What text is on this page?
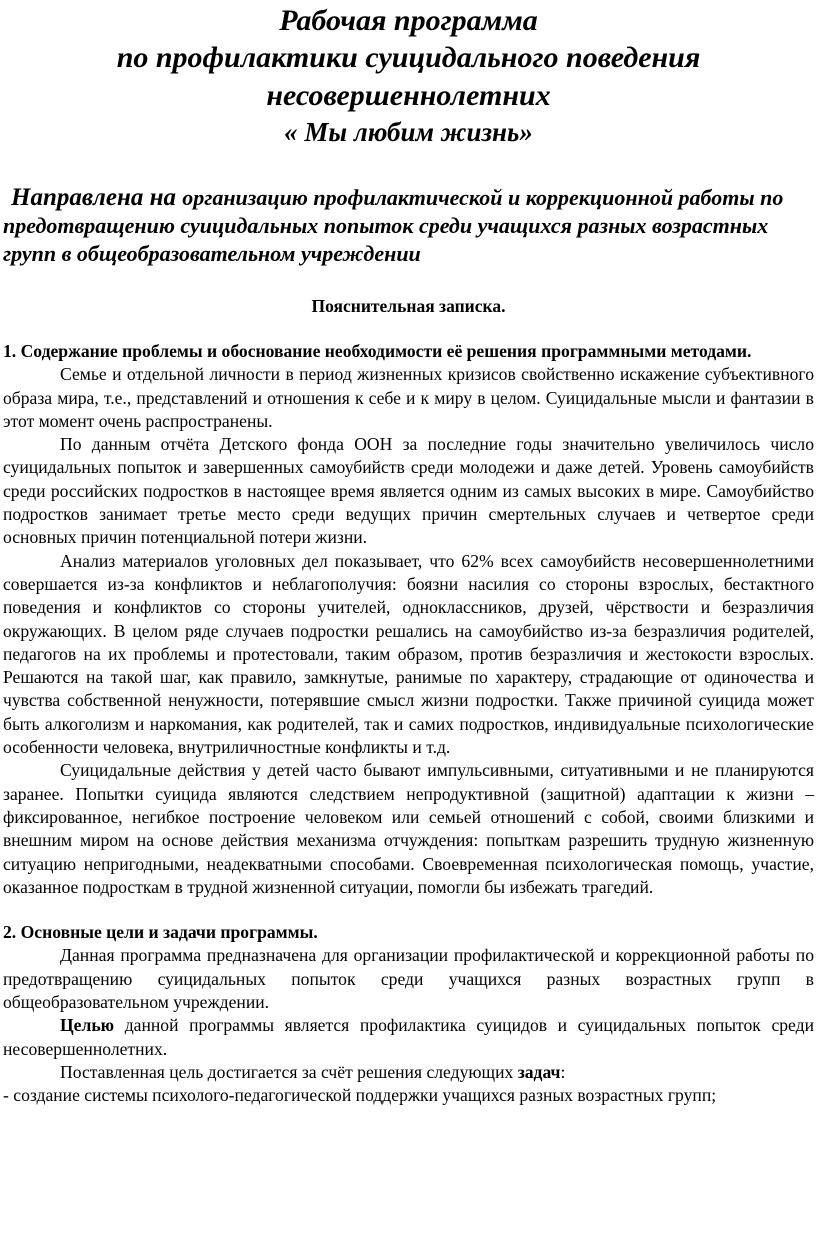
Рабочая программа
по профилактики суицидального поведения
несовершеннолетних
« Мы любим жизнь»
Направлена на организацию профилактической и коррекционной работы по предотвращению суицидальных попыток среди учащихся разных возрастных групп в общеобразовательном учреждении
Пояснительная записка.

1. Содержание проблемы и обоснование необходимости её решения программными методами.

Семье и отдельной личности в период жизненных кризисов свойственно искажение субъективного образа мира, т.е., представлений и отношения к себе и к миру в целом. Суицидальные мысли и фантазии в этот момент очень распространены.

По данным отчёта Детского фонда ООН за последние годы значительно увеличилось число суицидальных попыток и завершенных самоубийств среди молодежи и даже детей. Уровень самоубийств среди российских подростков в настоящее время является одним из самых высоких в мире. Самоубийство подростков занимает третье место среди ведущих причин смертельных случаев и четвертое среди основных причин потенциальной потери жизни.

Анализ материалов уголовных дел показывает, что 62% всех самоубийств несовершеннолетними совершается из-за конфликтов и неблагополучия: боязни насилия со стороны взрослых, бестактного поведения и конфликтов со стороны учителей, одноклассников, друзей, чёрствости и безразличия окружающих. В целом ряде случаев подростки решались на самоубийство из-за безразличия родителей, педагогов на их проблемы и протестовали, таким образом, против безразличия и жестокости взрослых. Решаются на такой шаг, как правило, замкнутые, ранимые по характеру, страдающие от одиночества и чувства собственной ненужности, потерявшие смысл жизни подростки. Также причиной суицида может быть алкоголизм и наркомания, как родителей, так и самих подростков, индивидуальные психологические особенности человека, внутриличностные конфликты и т.д.

Суицидальные действия у детей часто бывают импульсивными, ситуативными и не планируются заранее. Попытки суицида являются следствием непродуктивной (защитной) адаптации к жизни – фиксированное, негибкое построение человеком или семьей отношений с собой, своими близкими и внешним миром на основе действия механизма отчуждения: попыткам разрешить трудную жизненную ситуацию непригодными, неадекватными способами. Своевременная психологическая помощь, участие, оказанное подросткам в трудной жизненной ситуации, помогли бы избежать трагедий.

2. Основные цели и задачи программы.

Данная программа предназначена для организации профилактической и коррекционной работы по предотвращению суицидальных попыток среди учащихся разных возрастных групп в общеобразовательном учреждении.

Целью данной программы является профилактика суицидов и суицидальных попыток среди несовершеннолетних.

Поставленная цель достигается за счёт решения следующих задач:

- создание системы психолого-педагогической поддержки учащихся разных возрастных групп;
